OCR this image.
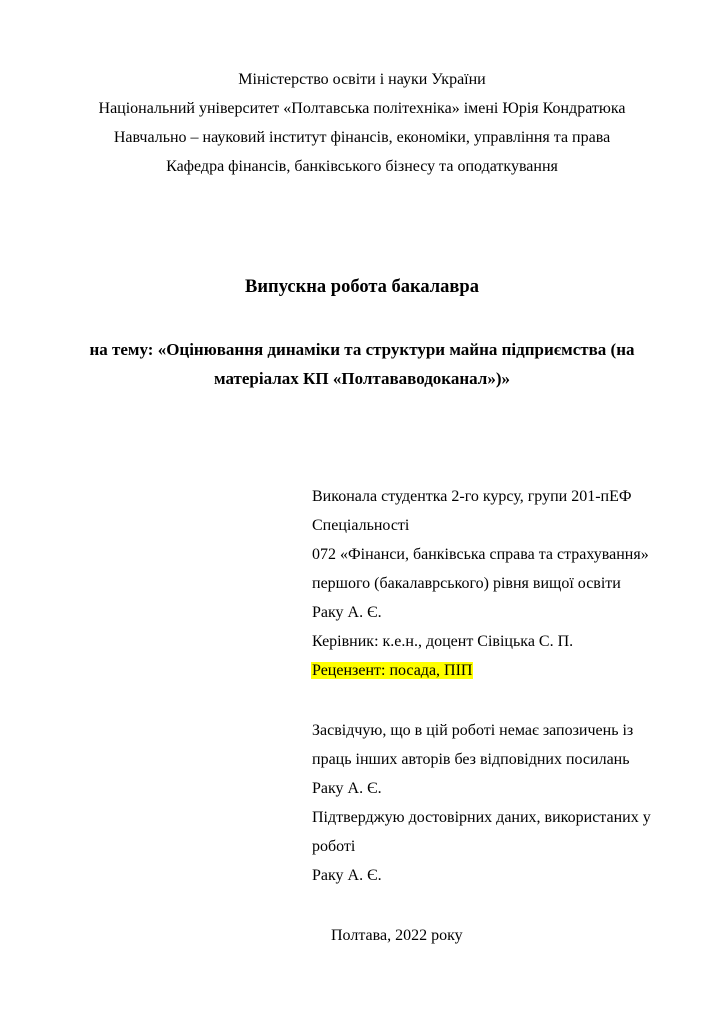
Міністерство освіти і науки України
Національний університет «Полтавська політехніка» імені Юрія Кондратюка
Навчально – науковий інститут фінансів, економіки, управління та права
Кафедра фінансів, банківського бізнесу та оподаткування
Випускна робота бакалавра
на тему: «Оцінювання динаміки та структури майна підприємства (на
матеріалах КП «Полтававодоканал»)»
Виконала студентка 2-го курсу, групи 201-пЕФ
Спеціальності
072 «Фінанси, банківська справа та страхування»
першого (бакалаврського) рівня вищої освіти
Раку А. Є.
Керівник: к.е.н., доцент Сівіцька С. П.
Рецензент: посада, ПІП
Засвідчую, що в цій роботі немає запозичень із
праць інших авторів без відповідних посилань
Раку А. Є.
Підтверджую достовірних даних, використаних у
роботі
Раку А. Є.
Полтава, 2022 року
